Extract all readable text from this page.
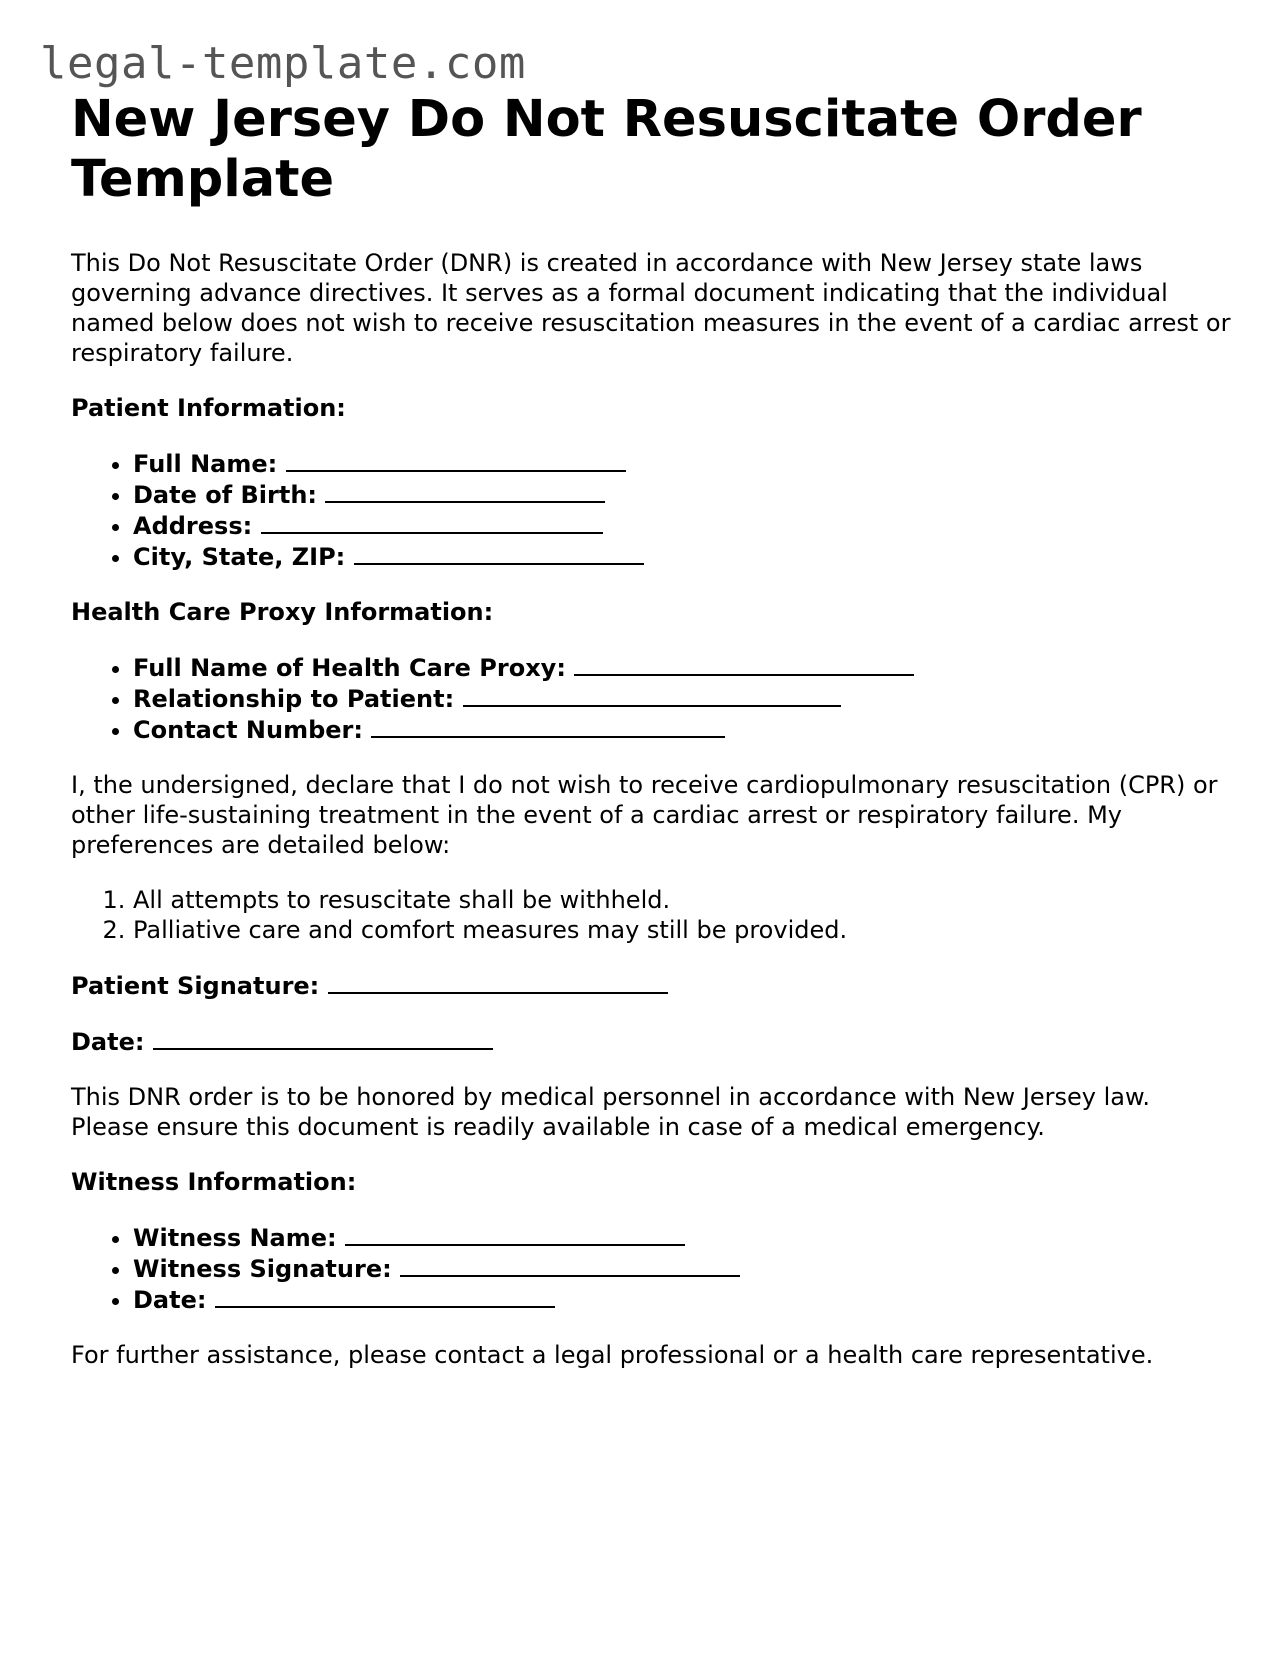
legal-template.com
New Jersey Do Not Resuscitate Order Template

This Do Not Resuscitate Order (DNR) is created in accordance with New Jersey state laws governing advance directives. It serves as a formal document indicating that the individual named below does not wish to receive resuscitation measures in the event of a cardiac arrest or respiratory failure.

Patient Information:

• Full Name:
• Date of Birth:
• Address:
• City, State, ZIP:

Health Care Proxy Information:

• Full Name of Health Care Proxy:
• Relationship to Patient:
• Contact Number:

I, the undersigned, declare that I do not wish to receive cardiopulmonary resuscitation (CPR) or other life-sustaining treatment in the event of a cardiac arrest or respiratory failure. My preferences are detailed below:

1. All attempts to resuscitate shall be withheld.
2. Palliative care and comfort measures may still be provided.

Patient Signature:

Date:

This DNR order is to be honored by medical personnel in accordance with New Jersey law. Please ensure this document is readily available in case of a medical emergency.

Witness Information:

• Witness Name:
• Witness Signature:
• Date:

For further assistance, please contact a legal professional or a health care representative.
